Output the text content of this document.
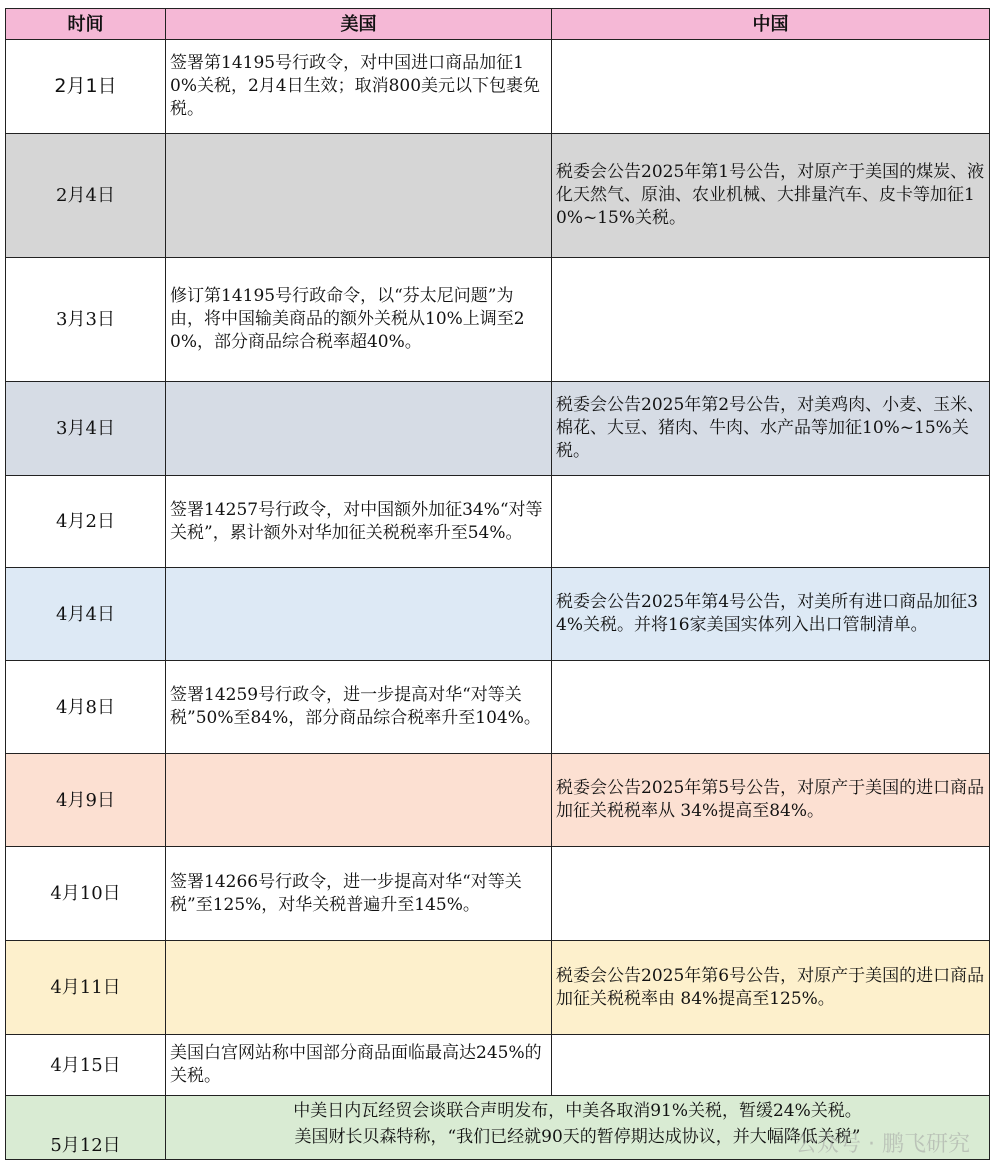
时间	美国	中国
2月1日	签署第14195号行政令，对中国进口商品加征10%关税，2月4日生效；取消800美元以下包裹免税。	
2月4日		税委会公告2025年第1号公告，对原产于美国的煤炭、液化天然气、原油、农业机械、大排量汽车、皮卡等加征10%~15%关税。
3月3日	修订第14195号行政命令，以“芬太尼问题”为由，将中国输美商品的额外关税从10%上调至20%，部分商品综合税率超40%。	
3月4日		税委会公告2025年第2号公告，对美鸡肉、小麦、玉米、棉花、大豆、猪肉、牛肉、水产品等加征10%~15%关税。
4月2日	签署14257号行政令，对中国额外加征34%“对等关税”，累计额外对华加征关税税率升至54%。	
4月4日		税委会公告2025年第4号公告，对美所有进口商品加征34%关税。并将16家美国实体列入出口管制清单。
4月8日	签署14259号行政令，进一步提高对华“对等关税”50%至84%，部分商品综合税率升至104%。	
4月9日		税委会公告2025年第5号公告，对原产于美国的进口商品加征关税税率从 34%提高至84%。
4月10日	签署14266号行政令，进一步提高对华“对等关税”至125%，对华关税普遍升至145%。	
4月11日		税委会公告2025年第6号公告，对原产于美国的进口商品加征关税税率由 84%提高至125%。
4月15日	美国白宫网站称中国部分商品面临最高达245%的关税。	
5月12日	中美日内瓦经贸会谈联合声明发布，中美各取消91%关税，暂缓24%关税。
美国财长贝森特称，“我们已经就90天的暂停期达成协议，并大幅降低关税”	
公众号 · 鹏飞研究
